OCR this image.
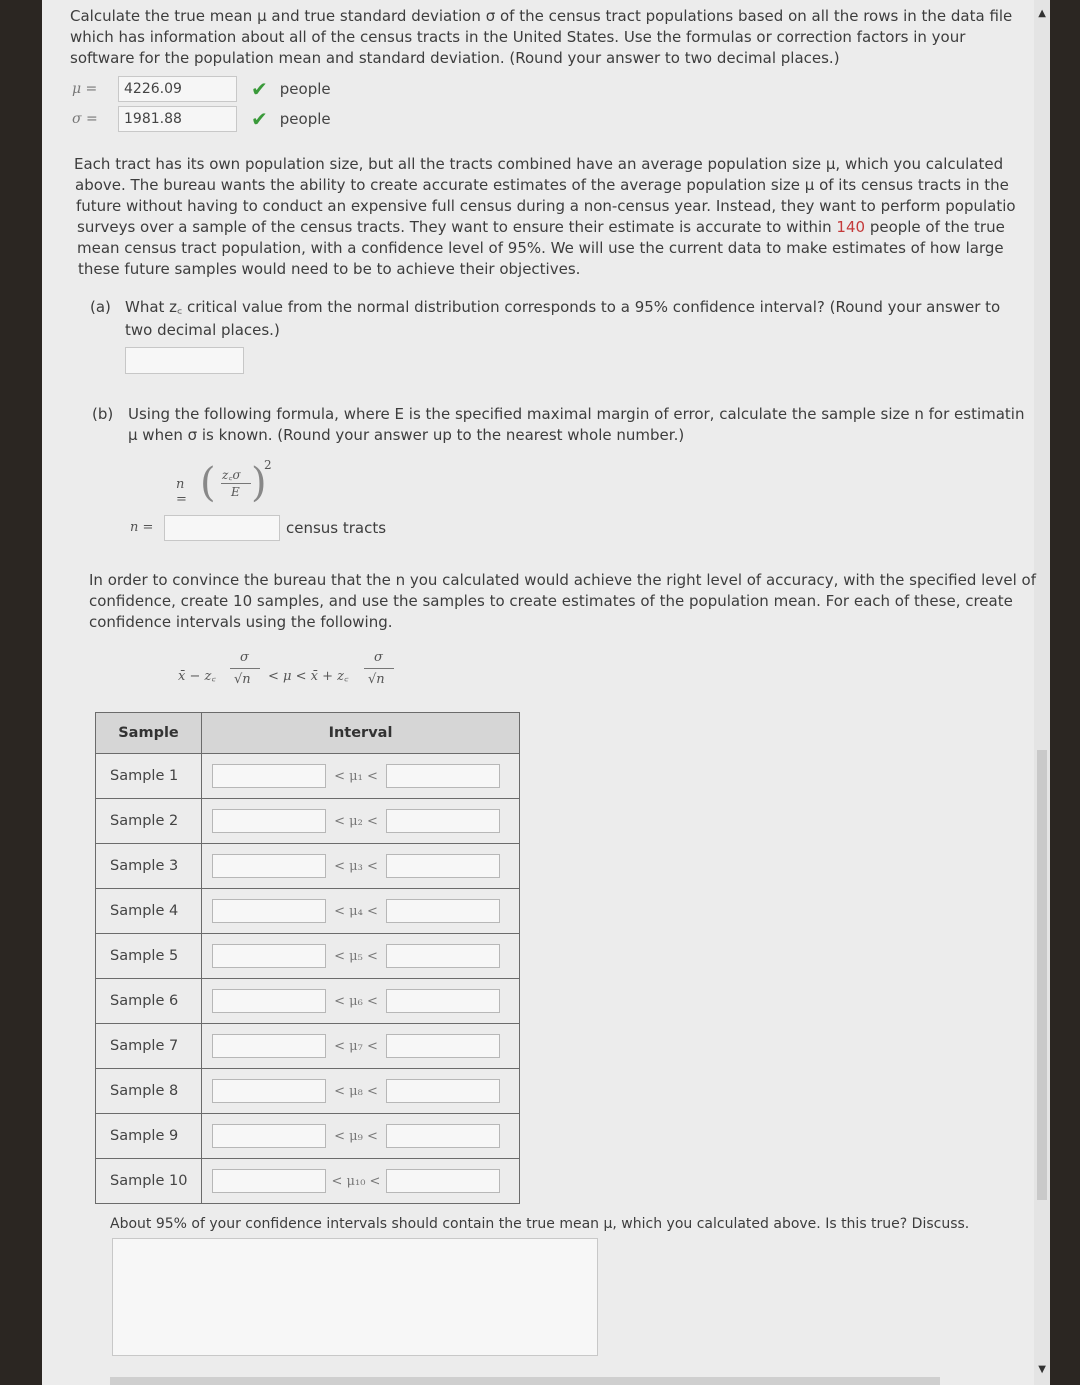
▲
▼
Calculate the true mean μ and true standard deviation σ of the census tract populations based on all the rows in the data file
which has information about all of the census tracts in the United States. Use the formulas or correction factors in your
software for the population mean and standard deviation. (Round your answer to two decimal places.)
μ =	4226.09	✔ people
σ =	1981.88	✔ people
Each tract has its own population size, but all the tracts combined have an average population size μ, which you calculated
above. The bureau wants the ability to create accurate estimates of the average population size μ of its census tracts in the
future without having to conduct an expensive full census during a non-census year. Instead, they want to perform populatio
surveys over a sample of the census tracts. They want to ensure their estimate is accurate to within 140 people of the true
mean census tract population, with a confidence level of 95%. We will use the current data to make estimates of how large
these future samples would need to be to achieve their objectives.
(a) What z꜀ critical value from the normal distribution corresponds to a 95% confidence interval? (Round your answer to
two decimal places.)
(b) Using the following formula, where E is the specified maximal margin of error, calculate the sample size n for estimatin
μ when σ is known. (Round your answer up to the nearest whole number.)
n = ( z꜀σ
E )
2
n =	census tracts
In order to convince the bureau that the n you calculated would achieve the right level of accuracy, with the specified level of
confidence, create 10 samples, and use the samples to create estimates of the population mean. For each of these, create
confidence intervals using the following.
x̄ − z꜀
σ
√n < μ < x̄ + z꜀
σ
√n
Sample	Interval
Sample 1	< μ₁ <
Sample 2	< μ₂ <
Sample 3	< μ₃ <
Sample 4	< μ₄ <
Sample 5	< μ₅ <
Sample 6	< μ₆ <
Sample 7	< μ₇ <
Sample 8	< μ₈ <
Sample 9	< μ₉ <
Sample 10	< μ₁₀ <
About 95% of your confidence intervals should contain the true mean μ, which you calculated above. Is this true? Discuss.
